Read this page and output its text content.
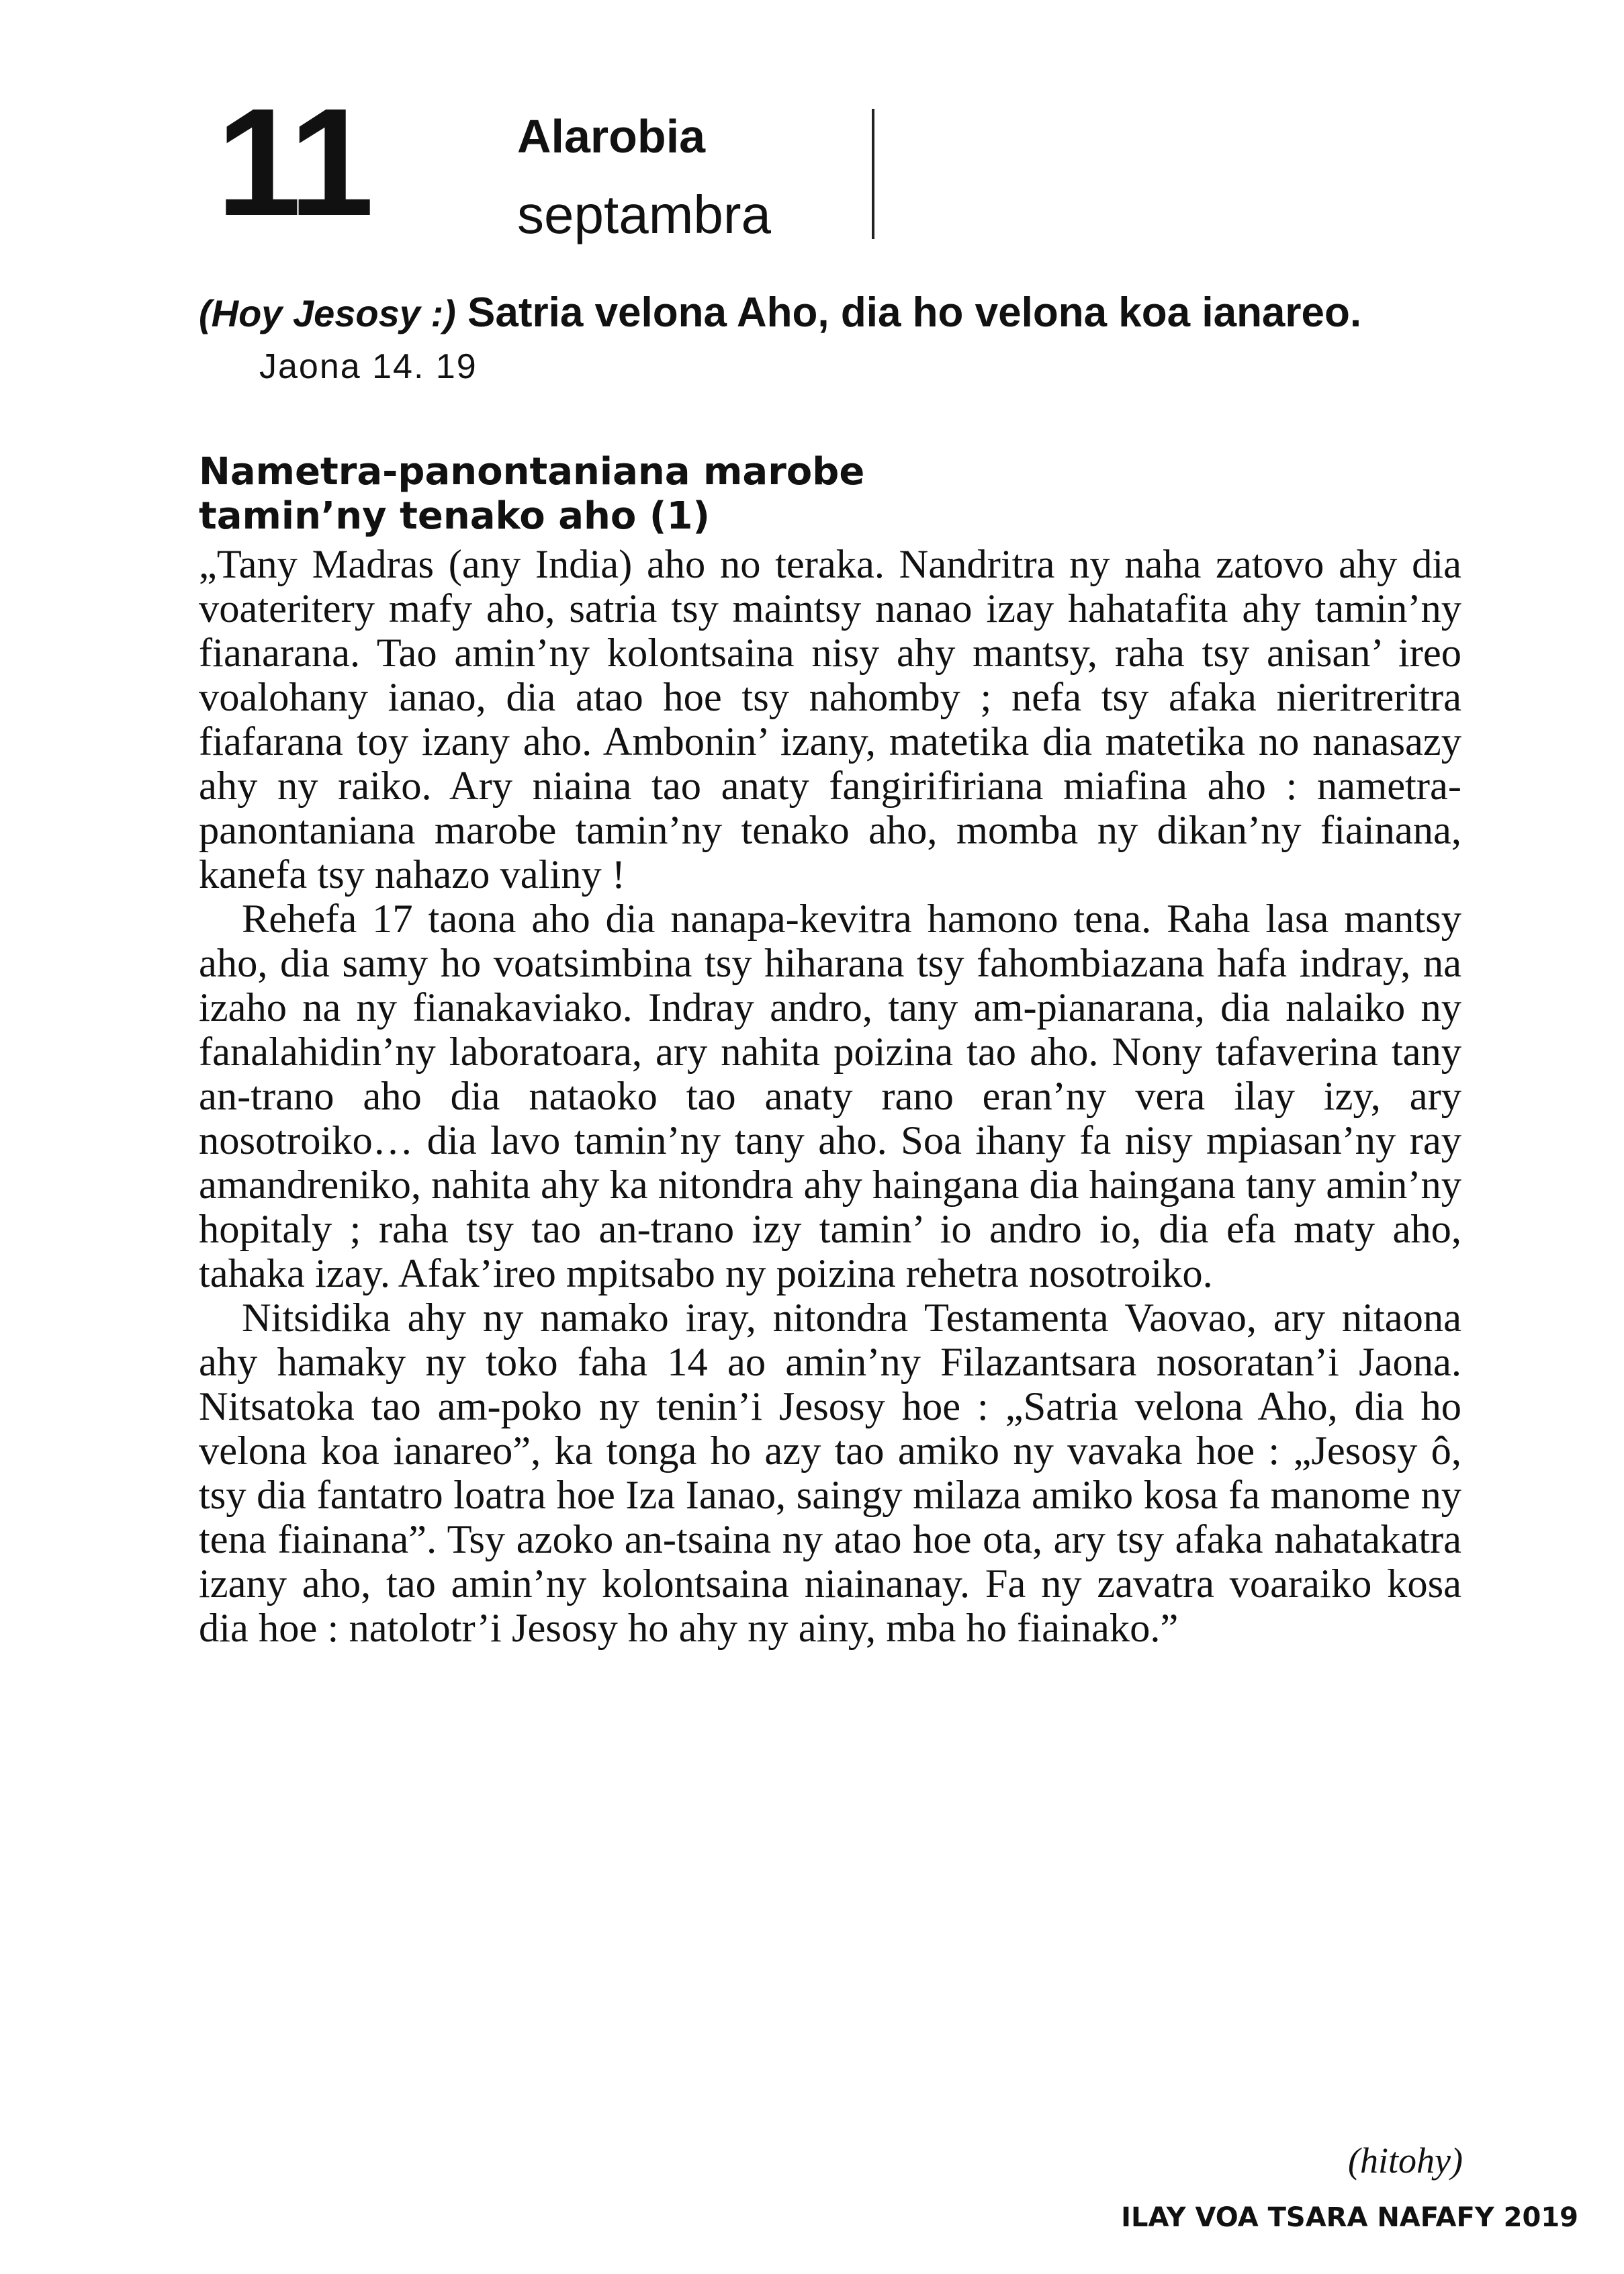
11	Alarobia
septambra
(Hoy Jesosy :) Satria velona Aho, dia ho velona koa ianareo. Jaona 14. 19
Nametra-panontaniana marobe
tamin’ny tenako aho (1)

„Tany Madras (any India) aho no teraka. Nandritra ny naha zatovo ahy dia voateritery mafy aho, satria tsy maintsy nanao izay hahatafita ahy tamin’ny fianarana. Tao amin’ny kolontsaina nisy ahy mantsy, raha tsy anisan’ ireo voalohany ianao, dia atao hoe tsy nahomby ; nefa tsy afaka nieritreritra fiafarana toy izany aho. Ambonin’ izany, matetika dia matetika no nanasazy ahy ny raiko. Ary niaina tao anaty fangirifiriana miafina aho : nametra-panontaniana marobe tamin’ny tenako aho, momba ny dikan’ny fiainana, kanefa tsy nahazo valiny !

Rehefa 17 taona aho dia nanapa-kevitra hamono tena. Raha lasa mantsy aho, dia samy ho voatsimbina tsy hiharana tsy fahombiazana hafa indray, na izaho na ny fianakaviako. Indray andro, tany am-pianarana, dia nalaiko ny fanalahidin’ny laboratoara, ary nahita poizina tao aho. Nony tafaverina tany an-trano aho dia nataoko tao anaty rano eran’ny vera ilay izy, ary nosotroiko… dia lavo tamin’ny tany aho. Soa ihany fa nisy mpiasan’ny ray amandreniko, nahita ahy ka nitondra ahy haingana dia haingana tany amin’ny hopitaly ; raha tsy tao an-trano izy tamin’ io andro io, dia efa maty aho, tahaka izay. Afak’ireo mpitsabo ny poizina rehetra nosotroiko.

Nitsidika ahy ny namako iray, nitondra Testamenta Vaovao, ary nitaona ahy hamaky ny toko faha 14 ao amin’ny Filazantsara nosoratan’i Jaona. Nitsatoka tao am-poko ny tenin’i Jesosy hoe : „Satria velona Aho, dia ho velona koa ianareo”, ka tonga ho azy tao amiko ny vavaka hoe : „Jesosy ô, tsy dia fantatro loatra hoe Iza Ianao, saingy milaza amiko kosa fa manome ny tena fiainana”. Tsy azoko an-tsaina ny atao hoe ota, ary tsy afaka nahatakatra izany aho, tao amin’ny kolontsaina niainanay. Fa ny zavatra voaraiko kosa dia hoe : natolotr’i Jesosy ho ahy ny ainy, mba ho fiainako.”

(hitohy)
ILAY VOA TSARA NAFAFY 2019
